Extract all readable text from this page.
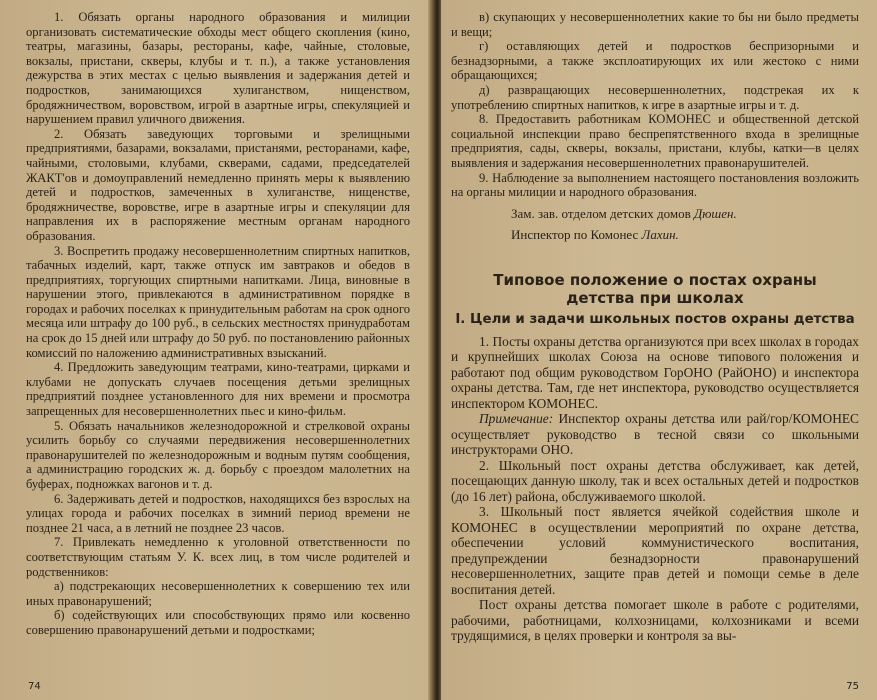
1. Обязать органы народного образования и милиции организовать систематические обходы мест общего скопления (кино, театры, магазины, базары, рестораны, кафе, чайные, столовые, вокзалы, пристани, скверы, клубы и т. п.), а также установления дежурства в этих местах с целью выявления и задержания детей и подростков, занимающихся хулиганством, нищенством, бродяжничеством, воровством, игрой в азартные игры, спекуляцией и нарушением правил уличного движения.

2. Обязать заведующих торговыми и зрелищными предприятиями, базарами, вокзалами, пристанями, ресторанами, кафе, чайными, столовыми, клубами, скверами, садами, председателей ЖАКТ'ов и домоуправлений немедленно принять меры к выявлению детей и подростков, замеченных в хулиганстве, нищенстве, бродяжничестве, воровстве, игре в азартные игры и спекуляции для направления их в распоряжение местным органам народного образования.

3. Воспретить продажу несовершеннолетним спиртных напитков, табачных изделий, карт, также отпуск им завтраков и обедов в предприятиях, торгующих спиртными напитками. Лица, виновные в нарушении этого, привлекаются в административном порядке в городах и рабочих поселках к принудительным работам на срок одного месяца или штрафу до 100 руб., в сельских местностях принудработам на срок до 15 дней или штрафу до 50 руб. по постановлению районных комиссий по наложению административных взысканий.

4. Предложить заведующим театрами, кино-театрами, цирками и клубами не допускать случаев посещения детьми зрелищных предприятий позднее установленного для них времени и просмотра запрещенных для несовершеннолетних пьес и кино-фильм.

5. Обязать начальников железнодорожной и стрелковой охраны усилить борьбу со случаями передвижения несовершеннолетних правонарушителей по железнодорожным и водным путям сообщения, а администрацию городских ж. д. борьбу с проездом малолетних на буферах, подножках вагонов и т. д.

6. Задерживать детей и подростков, находящихся без взрослых на улицах города и рабочих поселках в зимний период времени не позднее 21 часа, а в летний не позднее 23 часов.

7. Привлекать немедленно к уголовной ответственности по соответствующим статьям У. К. всех лиц, в том числе родителей и родственников:

а) подстрекающих несовершеннолетних к совершению тех или иных правонарушений;

б) содействующих или способствующих прямо или косвенно совершению правонарушений детьми и подростками;

74

в) скупающих у несовершеннолетних какие то бы ни было предметы и вещи;

г) оставляющих детей и подростков беспризорными и безнадзорными, а также эксплоатирующих их или жестоко с ними обращающихся;

д) развращающих несовершеннолетних, подстрекая их к употреблению спиртных напитков, к игре в азартные игры и т. д.

8. Предоставить работникам КОМОНЕС и общественной детской социальной инспекции право беспрепятственного входа в зрелищные предприятия, сады, скверы, вокзалы, пристани, клубы, катки—в целях выявления и задержания несовершеннолетних правонарушителей.

9. Наблюдение за выполнением настоящего постановления возложить на органы милиции и народного образования.

Зам. зав. отделом детских домов Дюшен.

Инспектор по Комонес Лахин.

Типовое положение о постах охраны детства при школах
I. Цели и задачи школьных постов охраны детства

1. Посты охраны детства организуются при всех школах в городах и крупнейших школах Союза на основе типового положения и работают под общим руководством ГорОНО (РайОНО) и инспектора охраны детства. Там, где нет инспектора, руководство осуществляется инспектором КОМОНЕС.

Примечание: Инспектор охраны детства или рай/гор/КОМОНЕС осуществляет руководство в тесной связи со школьными инструкторами ОНО.

2. Школьный пост охраны детства обслуживает, как детей, посещающих данную школу, так и всех остальных детей и подростков (до 16 лет) района, обслуживаемого школой.

3. Школьный пост является ячейкой содействия школе и КОМОНЕС в осуществлении мероприятий по охране детства, обеспечении условий коммунистического воспитания, предупреждении безнадзорности правонарушений несовершеннолетних, защите прав детей и помощи семье в деле воспитания детей.

Пост охраны детства помогает школе в работе с родителями, рабочими, работницами, колхозницами, колхозниками и всеми трудящимися, в целях проверки и контроля за вы-

75
